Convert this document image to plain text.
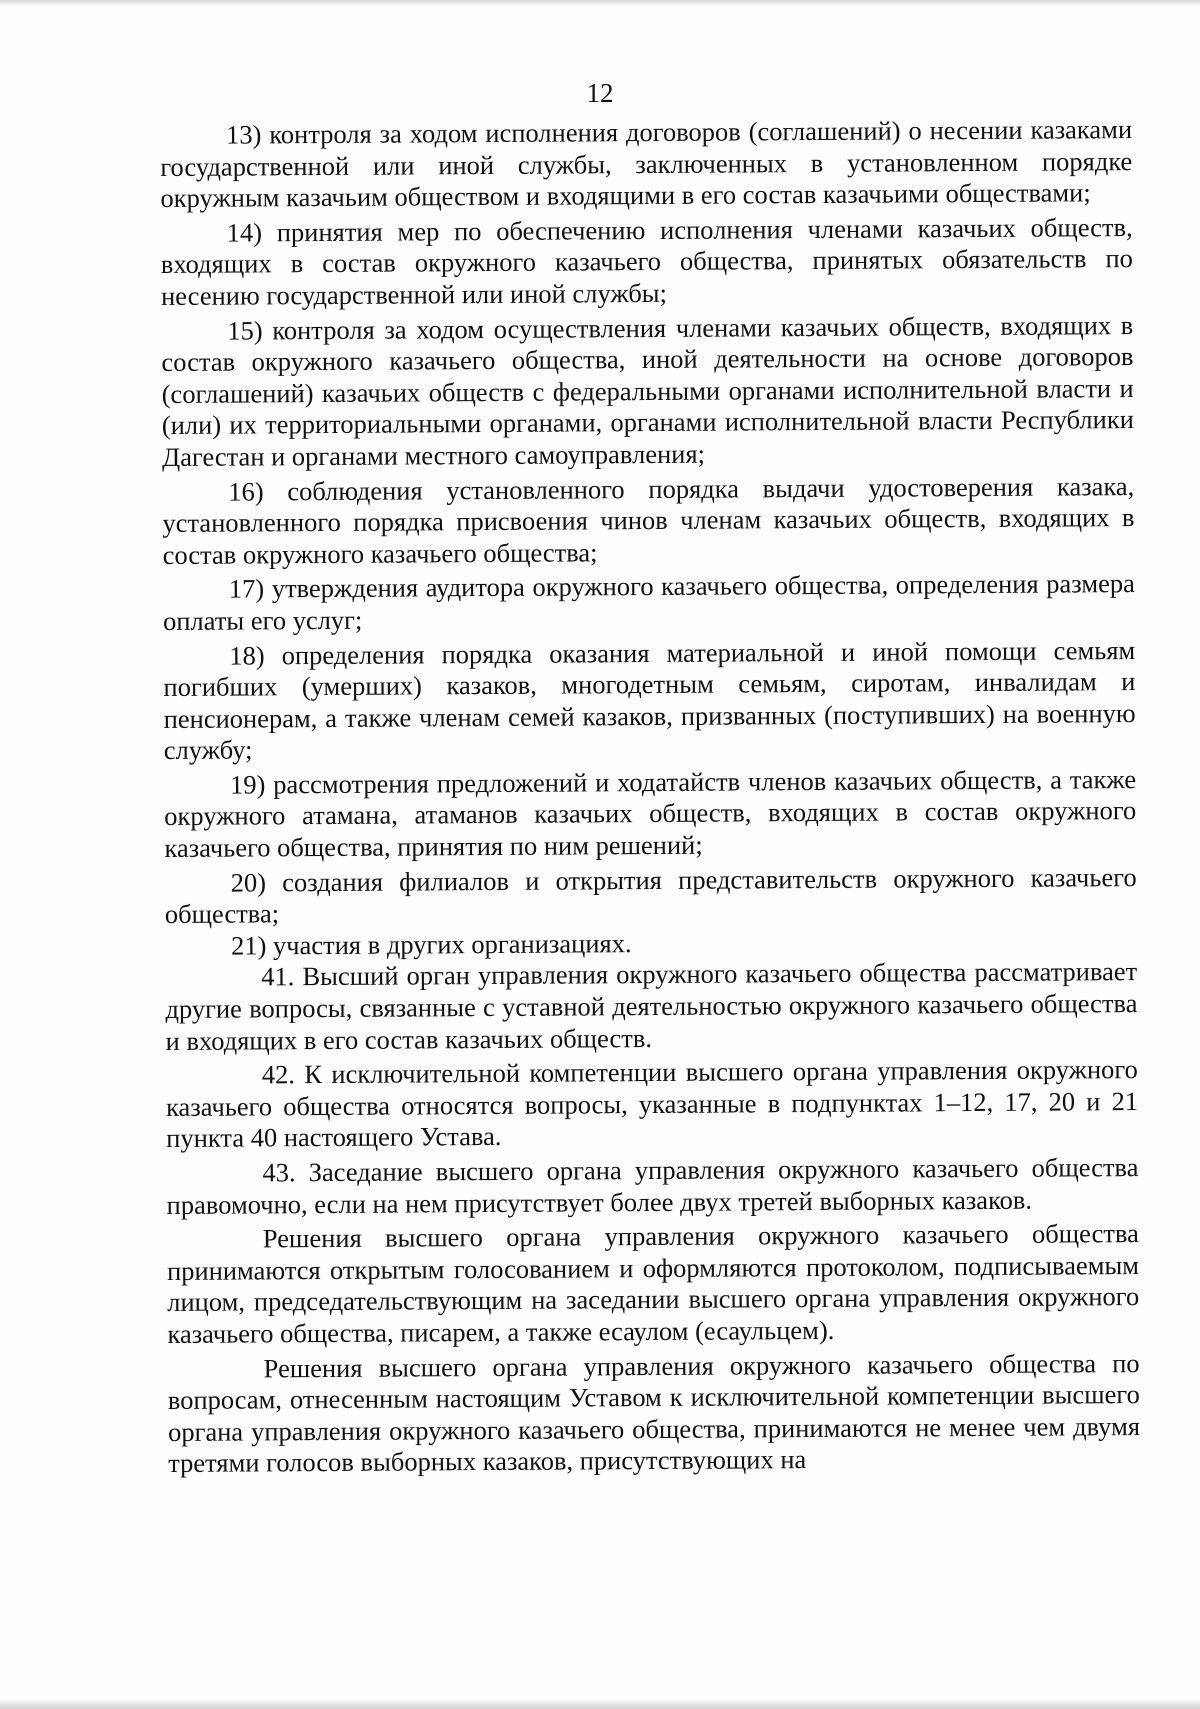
12

13) контроля за ходом исполнения договоров (соглашений) о несении казаками государственной или иной службы, заключенных в установленном порядке окружным казачьим обществом и входящими в его состав казачьими обществами;

14) принятия мер по обеспечению исполнения членами казачьих обществ, входящих в состав окружного казачьего общества, принятых обязательств по несению государственной или иной службы;

15) контроля за ходом осуществления членами казачьих обществ, входящих в состав окружного казачьего общества, иной деятельности на основе договоров (соглашений) казачьих обществ с федеральными органами исполнительной власти и (или) их территориальными органами, органами исполнительной власти Республики Дагестан и органами местного самоуправления;

16) соблюдения установленного порядка выдачи удостоверения казака, установленного порядка присвоения чинов членам казачьих обществ, входящих в состав окружного казачьего общества;

17) утверждения аудитора окружного казачьего общества, определения размера оплаты его услуг;

18) определения порядка оказания материальной и иной помощи семьям погибших (умерших) казаков, многодетным семьям, сиротам, инвалидам и пенсионерам, а также членам семей казаков, призванных (поступивших) на военную службу;

19) рассмотрения предложений и ходатайств членов казачьих обществ, а также окружного атамана, атаманов казачьих обществ, входящих в состав окружного казачьего общества, принятия по ним решений;

20) создания филиалов и открытия представительств окружного казачьего общества;

21) участия в других организациях.

41. Высший орган управления окружного казачьего общества рассматривает другие вопросы, связанные с уставной деятельностью окружного казачьего общества и входящих в его состав казачьих обществ.

42. К исключительной компетенции высшего органа управления окружного казачьего общества относятся вопросы, указанные в подпунктах 1–12, 17, 20 и 21 пункта 40 настоящего Устава.

43. Заседание высшего органа управления окружного казачьего общества правомочно, если на нем присутствует более двух третей выборных казаков.

Решения высшего органа управления окружного казачьего общества принимаются открытым голосованием и оформляются протоколом, подписываемым лицом, председательствующим на заседании высшего органа управления окружного казачьего общества, писарем, а также есаулом (есаульцем).

Решения высшего органа управления окружного казачьего общества по вопросам, отнесенным настоящим Уставом к исключительной компетенции высшего органа управления окружного казачьего общества, принимаются не менее чем двумя третями голосов выборных казаков, присутствующих на
